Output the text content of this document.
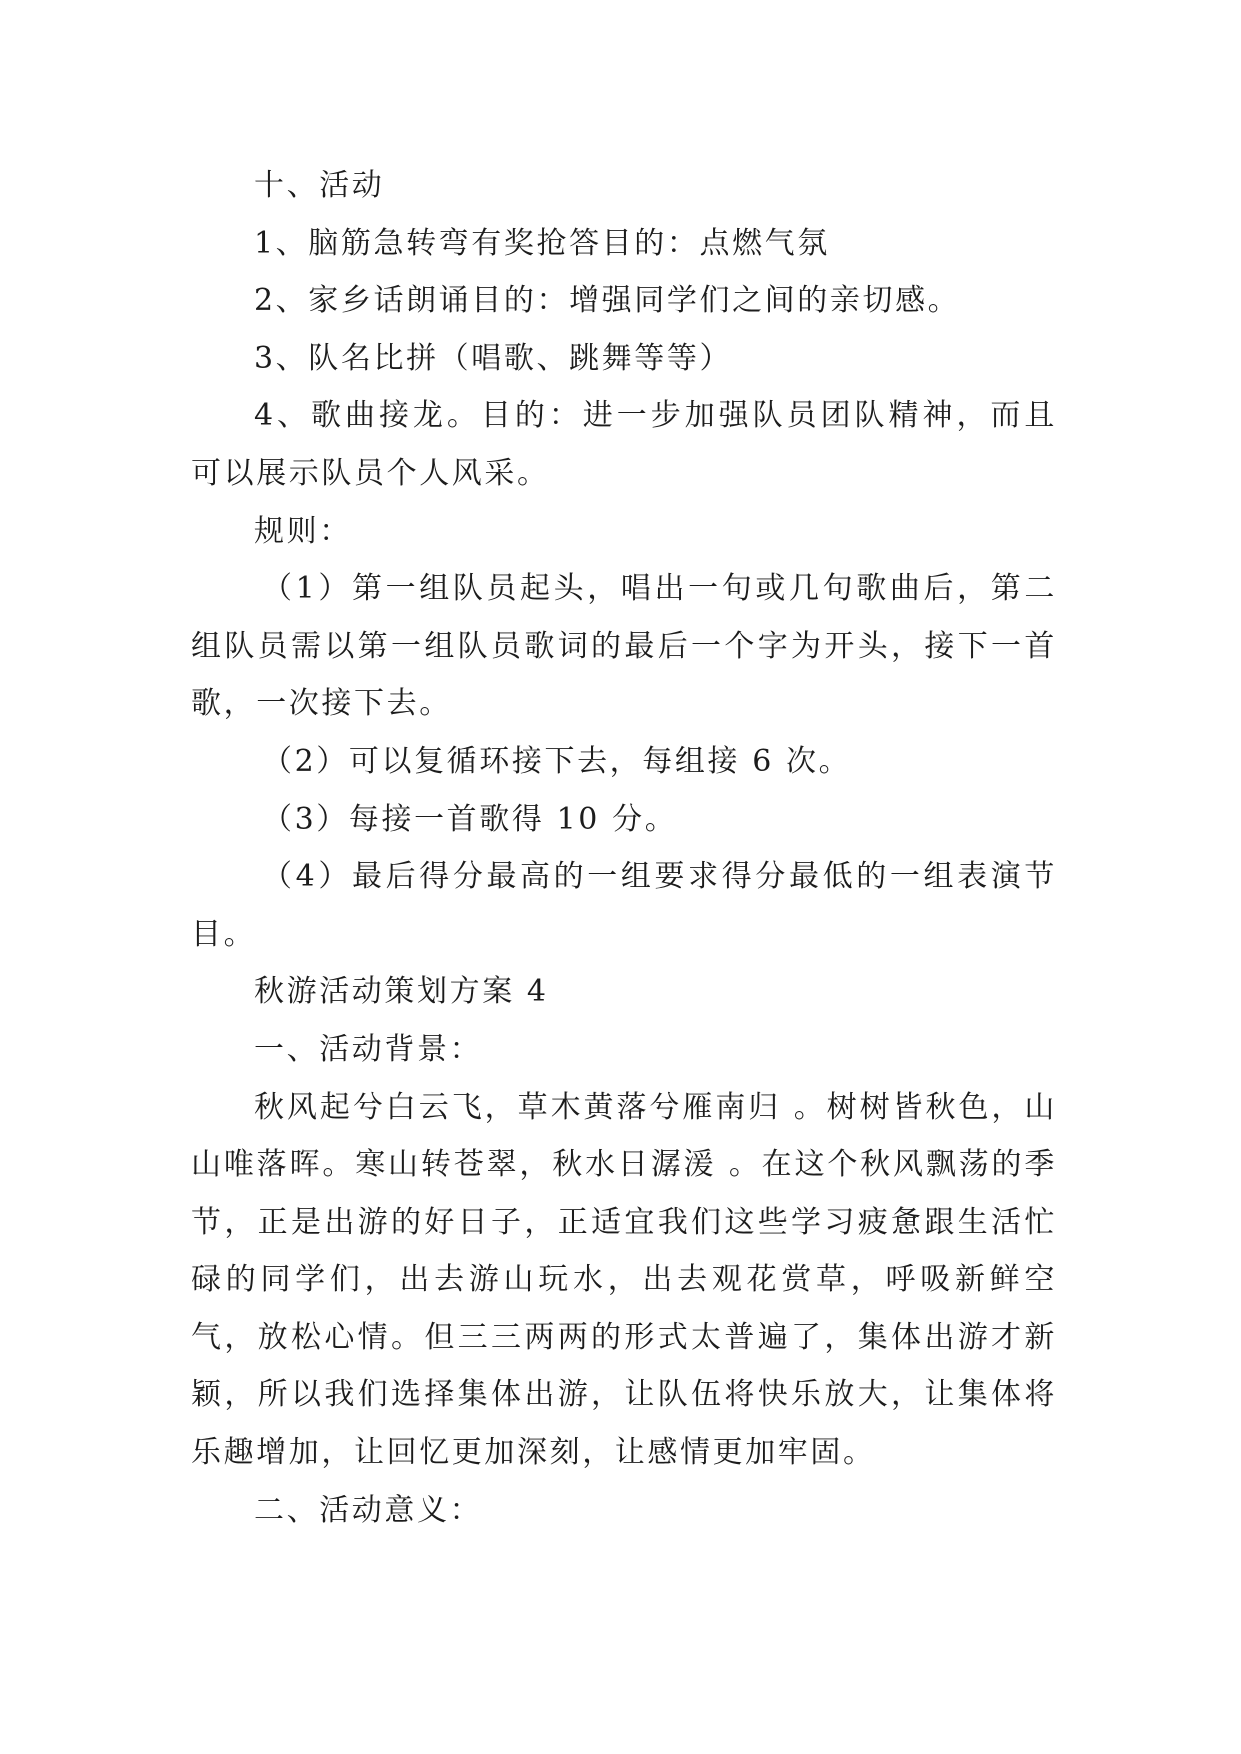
十、活动

1、脑筋急转弯有奖抢答目的：点燃气氛

2、家乡话朗诵目的：增强同学们之间的亲切感。

3、队名比拼（唱歌、跳舞等等）

4、歌曲接龙。目的：进一步加强队员团队精神，而且可以展示队员个人风采。

规则：

（1）第一组队员起头，唱出一句或几句歌曲后，第二组队员需以第一组队员歌词的最后一个字为开头，接下一首歌，一次接下去。

（2）可以复循环接下去，每组接 6 次。

（3）每接一首歌得 10 分。

（4）最后得分最高的一组要求得分最低的一组表演节目。

秋游活动策划方案 4

一、活动背景：

秋风起兮白云飞，草木黄落兮雁南归 。树树皆秋色，山山唯落晖。寒山转苍翠，秋水日潺湲 。在这个秋风飘荡的季节，正是出游的好日子，正适宜我们这些学习疲惫跟生活忙碌的同学们，出去游山玩水，出去观花赏草，呼吸新鲜空气，放松心情。但三三两两的形式太普遍了，集体出游才新颖，所以我们选择集体出游，让队伍将快乐放大，让集体将乐趣增加，让回忆更加深刻，让感情更加牢固。

二、活动意义：
